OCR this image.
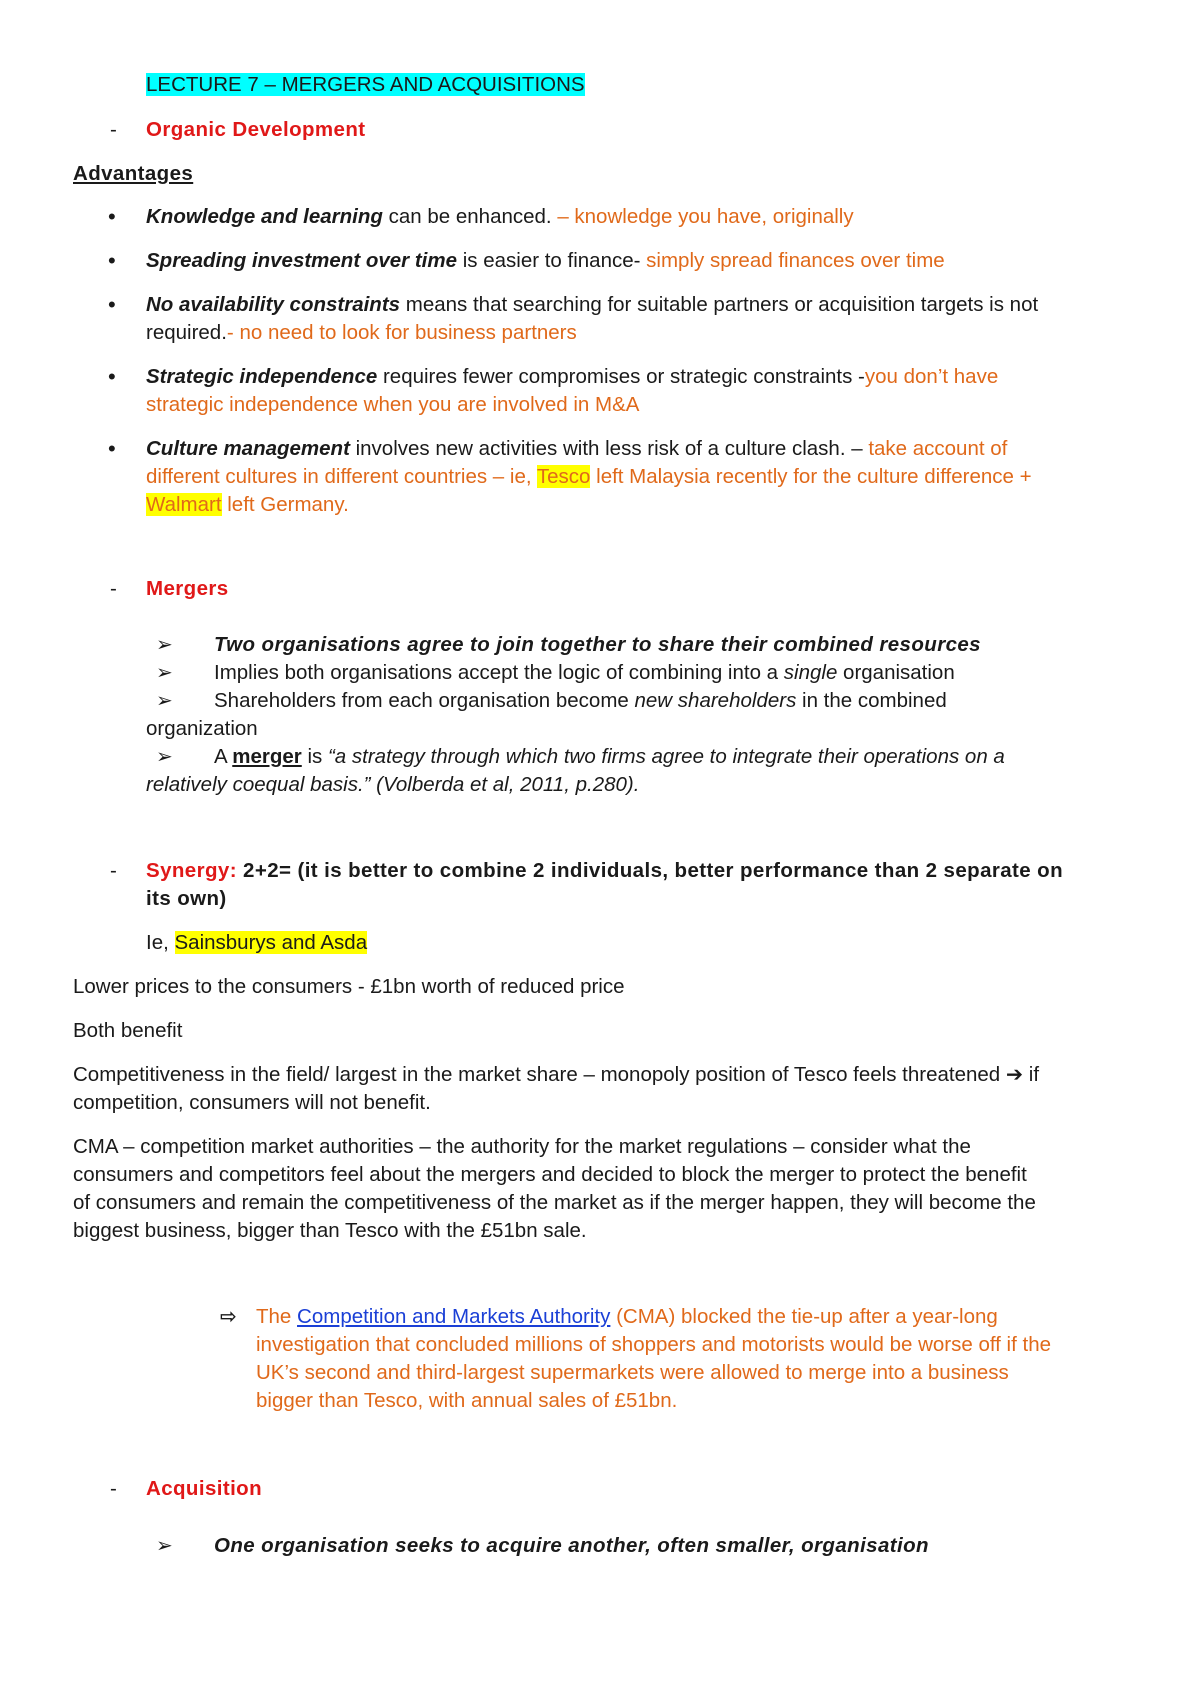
LECTURE 7 – MERGERS AND ACQUISITIONS
- Organic Development
Advantages
• Knowledge and learning can be enhanced. – knowledge you have, originally
• Spreading investment over time is easier to finance- simply spread finances over time
• No availability constraints means that searching for suitable partners or acquisition targets is not
required.- no need to look for business partners
• Strategic independence requires fewer compromises or strategic constraints -you don’t have
strategic independence when you are involved in M&A
• Culture management involves new activities with less risk of a culture clash. – take account of
different cultures in different countries – ie, Tesco left Malaysia recently for the culture difference +
Walmart left Germany.
- Mergers
➢ Two organisations agree to join together to share their combined resources
➢ Implies both organisations accept the logic of combining into a single organisation
➢ Shareholders from each organisation become new shareholders in the combined
organization
➢ A merger is “a strategy through which two firms agree to integrate their operations on a
relatively coequal basis.” (Volberda et al, 2011, p.280).
- Synergy: 2+2= (it is better to combine 2 individuals, better performance than 2 separate on
its own)
Ie, Sainsburys and Asda
Lower prices to the consumers - £1bn worth of reduced price
Both benefit
Competitiveness in the field/ largest in the market share – monopoly position of Tesco feels threatened ➔ if
competition, consumers will not benefit.
CMA – competition market authorities – the authority for the market regulations – consider what the
consumers and competitors feel about the mergers and decided to block the merger to protect the benefit
of consumers and remain the competitiveness of the market as if the merger happen, they will become the
biggest business, bigger than Tesco with the £51bn sale.
⇨ The Competition and Markets Authority (CMA) blocked the tie-up after a year-long
investigation that concluded millions of shoppers and motorists would be worse off if the
UK’s second and third-largest supermarkets were allowed to merge into a business
bigger than Tesco, with annual sales of £51bn.
- Acquisition
➢ One organisation seeks to acquire another, often smaller, organisation
